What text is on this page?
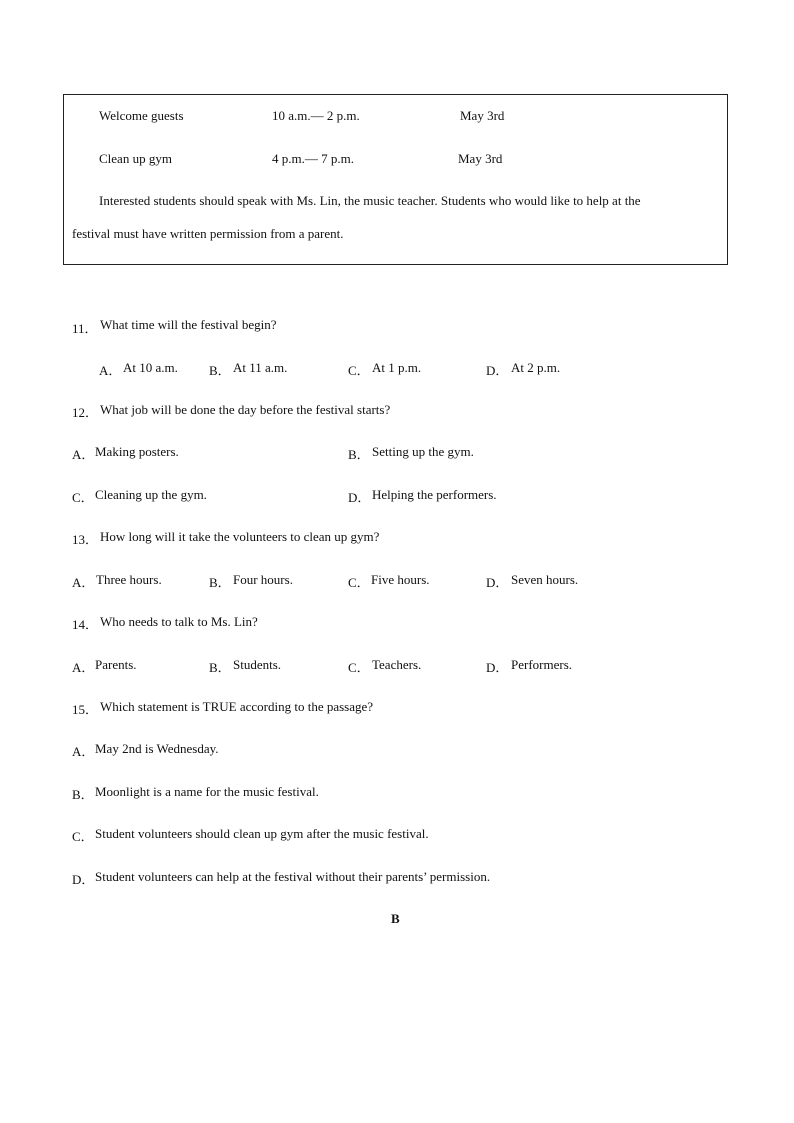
Welcome guests	10 a.m.— 2 p.m.	May 3rd
Clean up gym	4 p.m.— 7 p.m.	May 3rd
Interested students should speak with Ms. Lin, the music teacher. Students who would like to help at the
festival must have written permission from a parent.
11． What time will the festival begin?
A． At 10 a.m. B． At 11 a.m.	C． At 1 p.m.	D． At 2 p.m.
12． What job will be done the day before the festival starts?
A． Making posters.	B． Setting up the gym.
C． Cleaning up the gym.	D． Helping the performers.
13． How long will it take the volunteers to clean up gym?
A． Three hours.	B． Four hours.	C． Five hours.	D． Seven hours.
14． Who needs to talk to Ms. Lin?
A． Parents.	B． Students.	C． Teachers.	D． Performers.
15． Which statement is TRUE according to the passage?
A． May 2nd is Wednesday.
B． Moonlight is a name for the music festival.
C． Student volunteers should clean up gym after the music festival.
D． Student volunteers can help at the festival without their parents’ permission.
B
